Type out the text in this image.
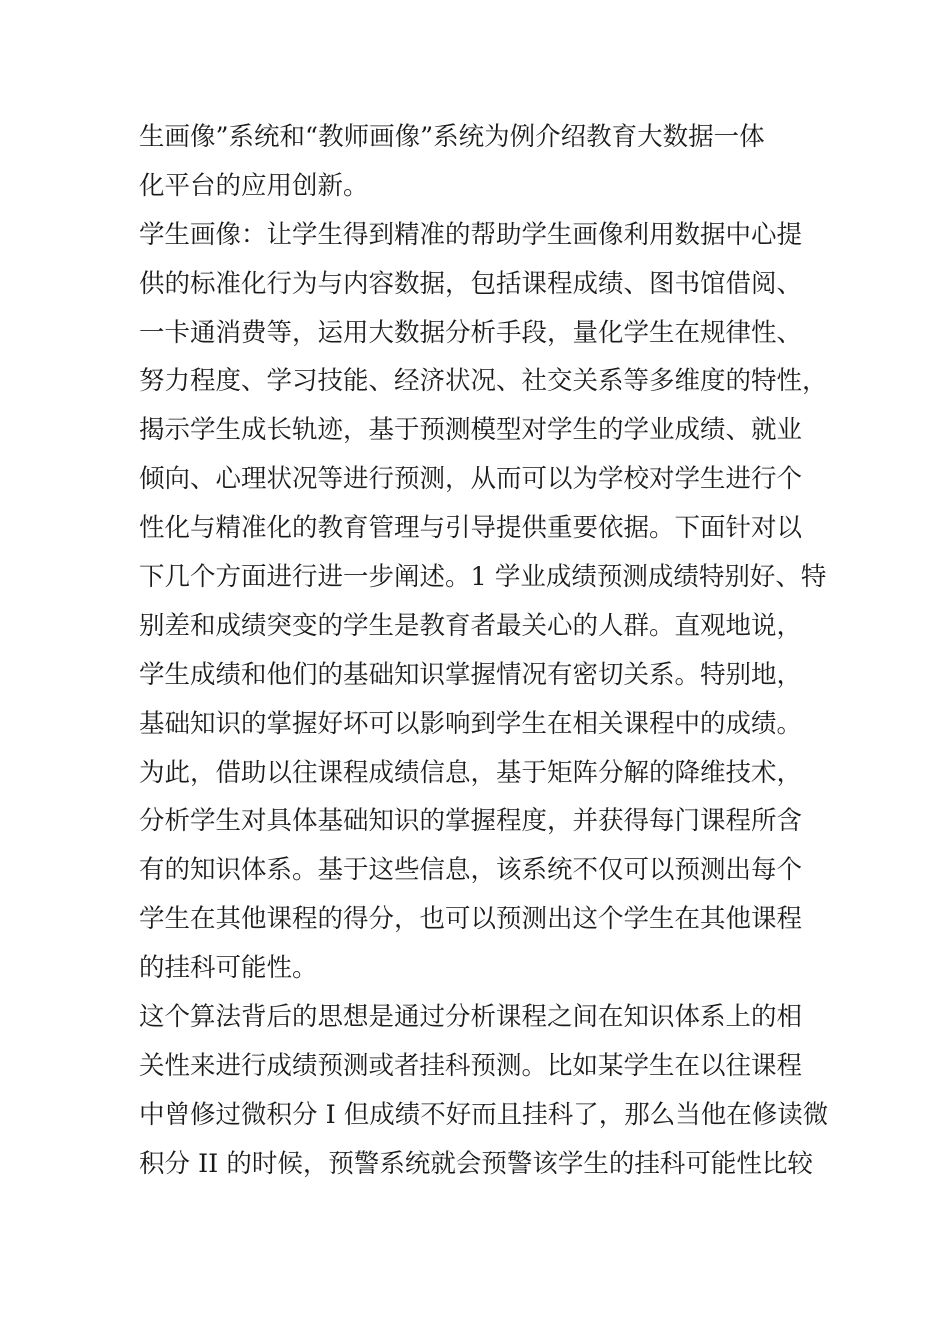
生画像”系统和“教师画像”系统为例介绍教育大数据一体
化平台的应用创新。
学生画像：让学生得到精准的帮助学生画像利用数据中心提
供的标准化行为与内容数据，包括课程成绩、图书馆借阅、
一卡通消费等，运用大数据分析手段，量化学生在规律性、
努力程度、学习技能、经济状况、社交关系等多维度的特性，
揭示学生成长轨迹，基于预测模型对学生的学业成绩、就业
倾向、心理状况等进行预测，从而可以为学校对学生进行个
性化与精准化的教育管理与引导提供重要依据。下面针对以
下几个方面进行进一步阐述。1 学业成绩预测成绩特别好、特
别差和成绩突变的学生是教育者最关心的人群。直观地说，
学生成绩和他们的基础知识掌握情况有密切关系。特别地，
基础知识的掌握好坏可以影响到学生在相关课程中的成绩。
为此，借助以往课程成绩信息，基于矩阵分解的降维技术，
分析学生对具体基础知识的掌握程度，并获得每门课程所含
有的知识体系。基于这些信息，该系统不仅可以预测出每个
学生在其他课程的得分，也可以预测出这个学生在其他课程
的挂科可能性。
这个算法背后的思想是通过分析课程之间在知识体系上的相
关性来进行成绩预测或者挂科预测。比如某学生在以往课程
中曾修过微积分 I 但成绩不好而且挂科了，那么当他在修读微
积分 II 的时候，预警系统就会预警该学生的挂科可能性比较
